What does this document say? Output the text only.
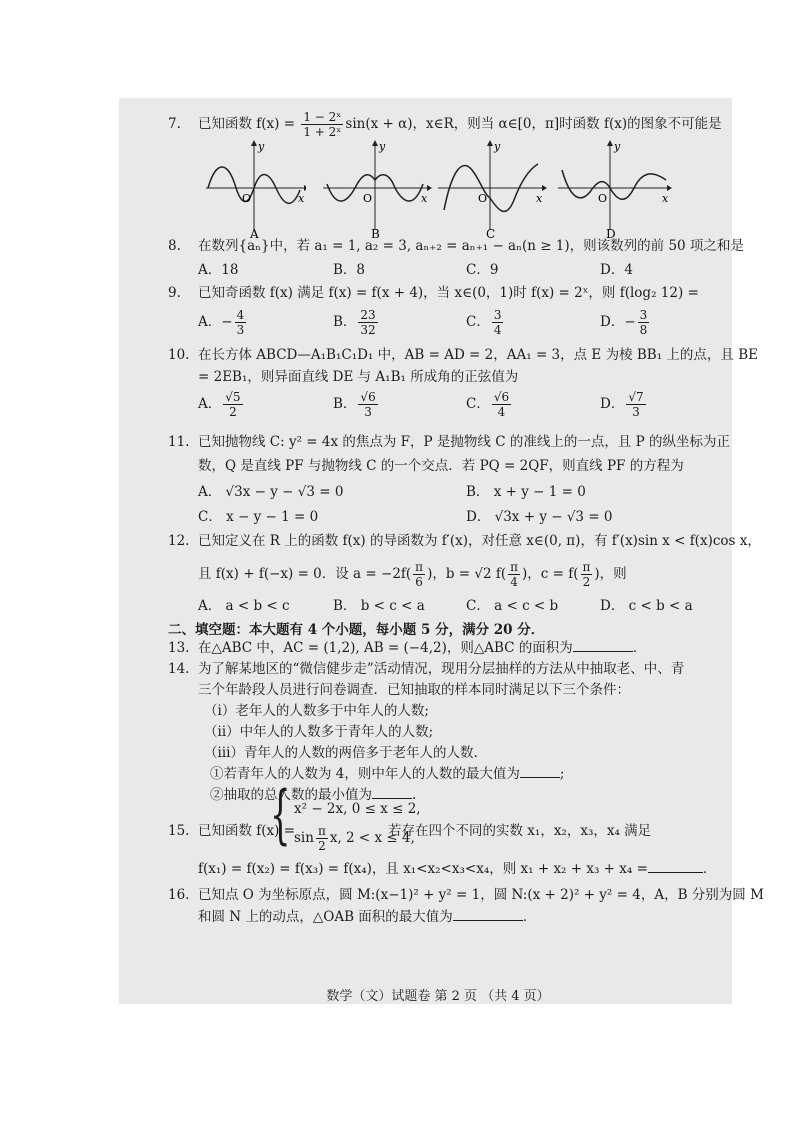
7. 已知函数 $f(x) = \frac{\text{1 − 2ˣ}}{\text{1 + 2ˣ}} \sin(x + \alpha)$，x∈R，则当 α∈[0，π]时函数 f(x)的图象不可能是
O
y
x
A
O
y
x
B
O
y
x
C
O
y
x
D
8. 在数列{aₙ}中，若 a₁ = 1, a₂ = 3, aₙ₊₂ = aₙ₊₁ − aₙ(n ≥ 1)，则该数列的前 50 项之和是
A．18	B．8	C．9	D．4
9. 已知奇函数 f(x) 满足 f(x) = f(x + 4)，当 x∈(0，1)时 f(x) = 2ˣ，则 f(log₂ 12) =
A．− $\frac{4}{3}$	B． $\frac{23}{32}$	C． $\frac{3}{4}$	D．− $\frac{3}{8}$
10. 在长方体 ABCD—A₁B₁C₁D₁ 中，AB = AD = 2，AA₁ = 3，点 E 为棱 BB₁ 上的点，且 BE
= 2EB₁，则异面直线 DE 与 A₁B₁ 所成角的正弦值为
A． $\frac{√5}{2}$	B． $\frac{√6}{3}$	C． $\frac{√6}{4}$	D． $\frac{√7}{3}$
11. 已知抛物线 C: y² = 4x 的焦点为 F，P 是抛物线 C 的准线上的一点，且 P 的纵坐标为正
数，Q 是直线 PF 与抛物线 C 的一个交点．若 PQ = 2QF，则直线 PF 的方程为
A． √3x − y − √3 = 0	B． x + y − 1 = 0
C． x − y − 1 = 0	D． √3x + y − √3 = 0
12. 已知定义在 R 上的函数 f(x) 的导函数为 f′(x)，对任意 x∈(0, π)，有 f′(x)sin x < f(x)cos x，
且 f(x) + f(−x) = 0．设 $a = -2f( \frac{\pi}{6}$ )，b = √2 $f( \frac{\pi}{4}$ )，$c = f( \frac{\pi}{2}$ )，则
A． a < b < c	B． b < c < a	C． a < c < b	D． c < b < a
二、填空题：本大题有 4 个小题，每小题 5 分，满分 20 分．
13. 在△ABC 中，AC = (1,2), AB = (−4,2)，则△ABC 的面积为	．
14. 为了解某地区的“微信健步走”活动情况，现用分层抽样的方法从中抽取老、中、青
三个年龄段人员进行问卷调查．已知抽取的样本同时满足以下三个条件：
（ⅰ）老年人的人数多于中年人的人数;
（ⅱ）中年人的人数多于青年人的人数;
（ⅲ）青年人的人数的两倍多于老年人的人数.
①若青年人的人数为 4，则中年人的人数的最大值为	;
②抽取的总人数的最小值为	.
15. 已知函数 f(x) =
{ x² − 2x, 0 ≤ x ≤ 2,
$\sin \frac{\pi}{2} x$, 2 < x ≤ 4,
若存在四个不同的实数 x₁，x₂，x₃，x₄ 满足
f(x₁) = f(x₂) = f(x₃) = f(x₄)，且 x₁<x₂<x₃<x₄，则 x₁ + x₂ + x₃ + x₄ =	．
16. 已知点 O 为坐标原点，圆 M:(x−1)² + y² = 1，圆 N:(x + 2)² + y² = 4，A，B 分别为圆 M
和圆 N 上的动点，△OAB 面积的最大值为	．
数学（文）试题卷 第 2 页 （共 4 页）
